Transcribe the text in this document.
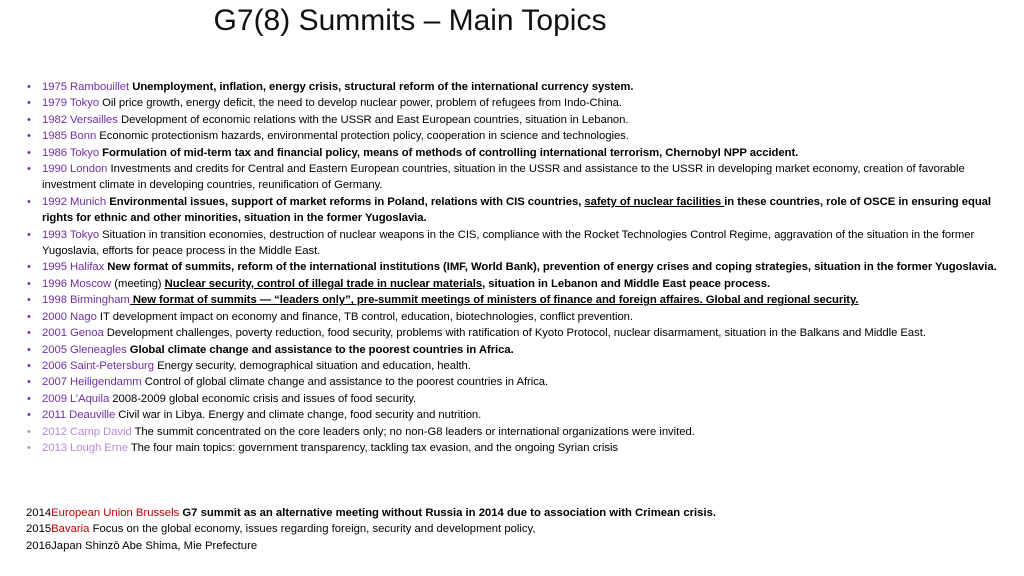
G7(8) Summits – Main Topics
• 1975 Rambouillet Unemployment, inflation, energy crisis, structural reform of the international currency system.
• 1979 Tokyo Oil price growth, energy deficit, the need to develop nuclear power, problem of refugees from Indo-China.
• 1982 Versailles Development of economic relations with the USSR and East European countries, situation in Lebanon.
• 1985 Bonn Economic protectionism hazards, environmental protection policy, cooperation in science and technologies.
• 1986 Tokyo Formulation of mid-term tax and financial policy, means of methods of controlling international terrorism, Chernobyl NPP accident.
• 1990 London Investments and credits for Central and Eastern European countries, situation in the USSR and assistance to the USSR in developing market economy, creation of favorable investment climate in developing countries, reunification of Germany.
• 1992 Munich Environmental issues, support of market reforms in Poland, relations with CIS countries, safety of nuclear facilities in these countries, role of OSCE in ensuring equal rights for ethnic and other minorities, situation in the former Yugoslavia.
• 1993 Tokyo Situation in transition economies, destruction of nuclear weapons in the CIS, compliance with the Rocket Technologies Control Regime, aggravation of the situation in the former Yugoslavia, efforts for peace process in the Middle East.
• 1995 Halifax New format of summits, reform of the international institutions (IMF, World Bank), prevention of energy crises and coping strategies, situation in the former Yugoslavia.
• 1996 Moscow (meeting) Nuclear security, control of illegal trade in nuclear materials, situation in Lebanon and Middle East peace process.
• 1998 Birmingham New format of summits — “leaders only”, pre-summit meetings of ministers of finance and foreign affaires. Global and regional security.
• 2000 Nago IT development impact on economy and finance, TB control, education, biotechnologies, conflict prevention.
• 2001 Genoa Development challenges, poverty reduction, food security, problems with ratification of Kyoto Protocol, nuclear disarmament, situation in the Balkans and Middle East.
• 2005 Gleneagles Global climate change and assistance to the poorest countries in Africa.
• 2006 Saint-Petersburg Energy security, demographical situation and education, health.
• 2007 Heiligendamm Control of global climate change and assistance to the poorest countries in Africa.
• 2009 L’Aquila 2008-2009 global economic crisis and issues of food security.
• 2011 Deauville Civil war in Libya. Energy and climate change, food security and nutrition.
• 2012 Camp David The summit concentrated on the core leaders only; no non-G8 leaders or international organizations were invited.
• 2013 Lough Erne The four main topics: government transparency, tackling tax evasion, and the ongoing Syrian crisis
2014European Union Brussels G7 summit as an alternative meeting without Russia in 2014 due to association with Crimean crisis.
2015Bavaria Focus on the global economy, issues regarding foreign, security and development policy,
2016Japan Shinzō Abe Shima, Mie Prefecture
